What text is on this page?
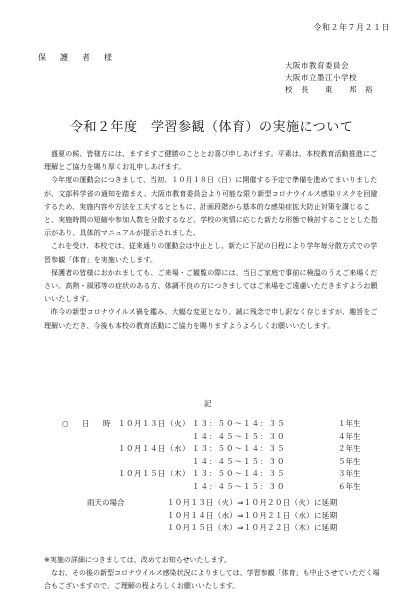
令和２年７月２１日
保　護　者　様
大阪市教育委員会
大阪市立墨江小学校
校　長　　東　　邦　裕
令和２年度　学習参観（体育）の実施について

盛夏の候、皆様方には、ますますご健勝のこととお喜び申しあげます。平素は、本校教育活動推進にご理解とご協力を賜り厚くお礼申しあげます。

今年度の運動会につきまして、当初、１０月１８日（日）に開催する予定で準備を進めてまいりましたが、文部科学省の通知を踏まえ、大阪市教育委員会より可能な限り新型コロナウイルス感染リスクを回避するため、実施内容や方法を工夫するとともに、計画段階から基本的な感染症拡大防止対策を講じること、実施時間の短縮や参加人数を分散するなど、学校の実情に応じた新たな形態で検討することとした指示があり、具体的マニュアルが提示されました。

これを受け、本校では、従来通りの運動会は中止とし、新たに下記の日程により学年毎分散方式での学習参観「体育」を実施いたします。

保護者の皆様におかれましても、ご来場・ご観覧の際には、当日ご家庭で事前に検温のうえご来場ください。高熱・風邪等の症状のある方、体調不良の方につきましてはご来場をご遠慮いただきますようお願いいたします。

昨今の新型コロナウイルス禍を鑑み、大幅な変更となり、誠に残念で申し訳なく存じますが、趣旨をご理解いただき、今後も本校の教育活動にご協力を賜りますようよろしくお願いいたします。

記
○　日　時 １０月１３日（火） １３：５０～１４：３５	１年生
１４：４５～１５：３０	４年生
１０月１４日（水） １３：５０～１４：３５	２年生
１４：４５～１５：３０	５年生
１０月１５日（木） １３：５０～１４：３５	３年生
１４：４５～１５：３０	６年生
雨天の場合	１０月１３日（火）⇒１０月２０日（火）に延期
１０月１４日（水）⇒１０月２１日（水）に延期
１０月１５日（木）⇒１０月２２日（木）に延期
※実施の詳細につきましては、改めてお知らせいたします。
なお、その後の新型コロナウイルス感染状況によりましては、学習参観「体育」も中止させていただく場合もございますので、ご理解の程よろしくお願いいたします。
